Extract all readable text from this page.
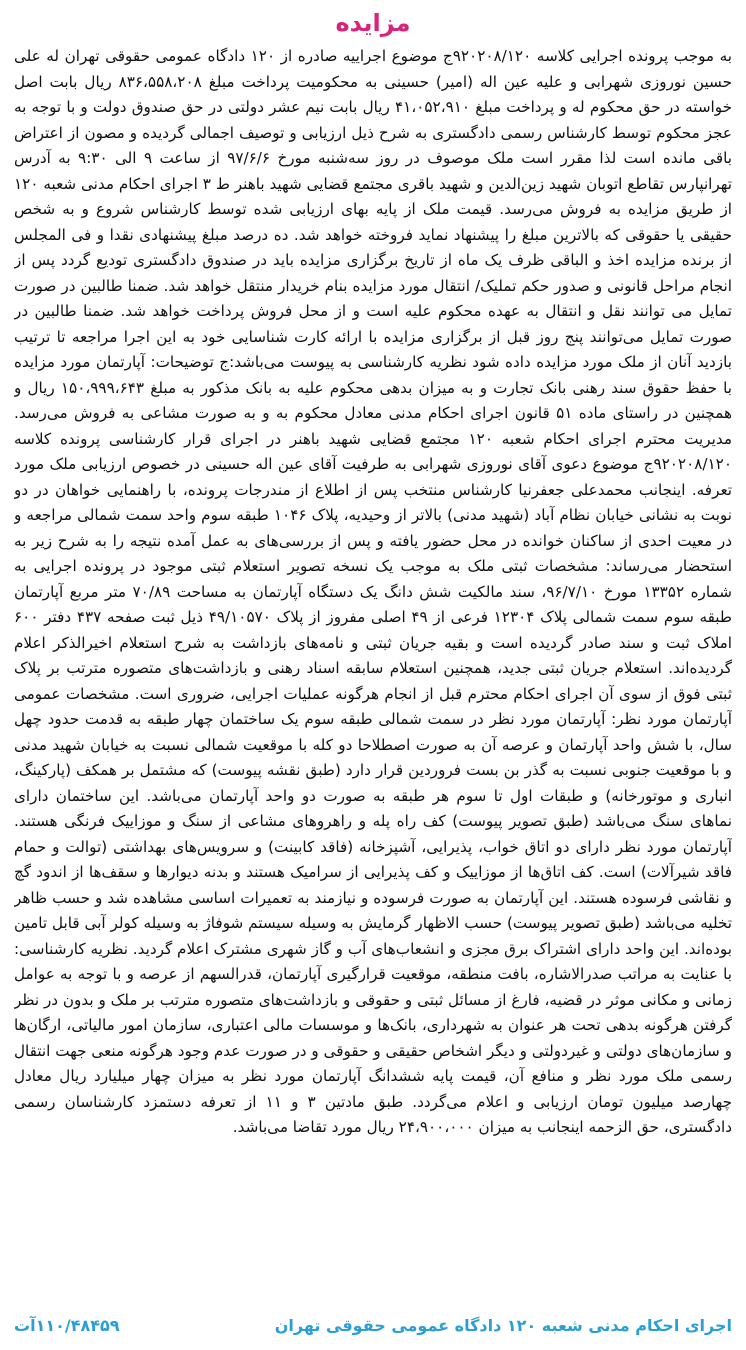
مزایده

به موجب پرونده اجرایی کلاسه ۹۲۰۲۰۸/۱۲۰ج موضوع اجراییه صادره از ۱۲۰ دادگاه عمومی حقوقی تهران له علی حسین نوروزی شهرابی و علیه عین اله (امیر) حسینی به محکومیت پرداخت مبلغ ۸۳۶،۵۵۸،۲۰۸ ریال بابت اصل خواسته در حق محکوم له و پرداخت مبلغ ۴۱،۰۵۲،۹۱۰ ریال بابت نیم عشر دولتی در حق صندوق دولت و با توجه به عجز محکوم توسط کارشناس رسمی دادگستری به شرح ذیل ارزیابی و توصیف اجمالی گردیده و مصون از اعتراض باقی مانده است لذا مقرر است ملک موصوف در روز سه‌شنبه مورخ ۹۷/۶/۶ از ساعت ۹ الی ۹:۳۰ به آدرس تهرانپارس تقاطع اتوبان شهید زین‌الدین و شهید باقری مجتمع قضایی شهید باهنر ط ۳ اجرای احکام مدنی شعبه ۱۲۰ از طریق مزایده به فروش می‌رسد. قیمت ملک از پایه بهای ارزیابی شده توسط کارشناس شروع و به شخص حقیقی یا حقوقی که بالاترین مبلغ را پیشنهاد نماید فروخته خواهد شد. ده درصد مبلغ پیشنهادی نقدا و فی المجلس از برنده مزایده اخذ و الباقی ظرف یک ماه از تاریخ برگزاری مزایده باید در صندوق دادگستری تودیع گردد پس از انجام مراحل قانونی و صدور حکم تملیک/ انتقال مورد مزایده بنام خریدار منتقل خواهد شد. ضمنا طالبین در صورت تمایل می توانند نقل و انتقال به عهده محکوم علیه است و از محل فروش پرداخت خواهد شد. ضمنا طالبین در صورت تمایل می‌توانند پنج روز قبل از برگزاری مزایده با ارائه کارت شناسایی خود به این اجرا مراجعه تا ترتیب بازدید آنان از ملک مورد مزایده داده شود نظریه کارشناسی به پیوست می‌باشد:ج توضیحات: آپارتمان مورد مزایده با حفظ حقوق سند رهنی بانک تجارت و به میزان بدهی محکوم علیه به بانک مذکور به مبلغ ۱۵۰،۹۹۹،۶۴۳ ریال و همچنین در راستای ماده ۵۱ قانون اجرای احکام مدنی معادل محکوم به و به صورت مشاعی به فروش می‌رسد. مدیریت محترم اجرای احکام شعبه ۱۲۰ مجتمع قضایی شهید باهنر در اجرای قرار کارشناسی پرونده کلاسه ۹۲۰۲۰۸/۱۲۰ج موضوع دعوی آقای نوروزی شهرابی به طرفیت آقای عین اله حسینی در خصوص ارزیابی ملک مورد تعرفه. اینجانب محمدعلی جعفرنیا کارشناس منتخب پس از اطلاع از مندرجات پرونده، با راهنمایی خواهان در دو نوبت به نشانی خیابان نظام آباد (شهید مدنی) بالاتر از وحیدیه، پلاک ۱۰۴۶ طبقه سوم واحد سمت شمالی مراجعه و در معیت احدی از ساکنان خوانده در محل حضور یافته و پس از بررسی‌های به عمل آمده نتیجه را به شرح زیر به استحضار می‌رساند: مشخصات ثبتی ملک به موجب یک نسخه تصویر استعلام ثبتی موجود در پرونده اجرایی به شماره ۱۳۳۵۲ مورخ ۹۶/۷/۱۰، سند مالکیت شش دانگ یک دستگاه آپارتمان به مساحت ۷۰/۸۹ متر مربع آپارتمان طبقه سوم سمت شمالی پلاک ۱۲۳۰۴ فرعی از ۴۹ اصلی مفروز از پلاک ۴۹/۱۰۵۷۰ ذیل ثبت صفحه ۴۳۷ دفتر ۶۰۰ املاک ثبت و سند صادر گردیده است و بقیه جریان ثبتی و نامه‌های بازداشت به شرح استعلام اخیرالذکر اعلام گردیده‌اند. استعلام جریان ثبتی جدید، همچنین استعلام سابقه اسناد رهنی و بازداشت‌های متصوره مترتب بر پلاک ثبتی فوق از سوی آن اجرای احکام محترم قبل از انجام هرگونه عملیات اجرایی، ضروری است. مشخصات عمومی آپارتمان مورد نظر: آپارتمان مورد نظر در سمت شمالی طبقه سوم یک ساختمان چهار طبقه به قدمت حدود چهل سال، با شش واحد آپارتمان و عرصه آن به صورت اصطلاحا دو کله با موقعیت شمالی نسبت به خیابان شهید مدنی و با موقعیت جنوبی نسبت به گذر بن بست فروردین قرار دارد (طبق نقشه پیوست) که مشتمل بر همکف (پارکینگ، انباری و موتورخانه) و طبقات اول تا سوم هر طبقه به صورت دو واحد آپارتمان می‌باشد. این ساختمان دارای نماهای سنگ می‌باشد (طبق تصویر پیوست) کف راه پله و راهروهای مشاعی از سنگ و موزاییک فرنگی هستند. آپارتمان مورد نظر دارای دو اتاق خواب، پذیرایی، آشپزخانه (فاقد کابینت) و سرویس‌های بهداشتی (توالت و حمام فاقد شیرآلات) است. کف اتاق‌ها از موزاییک و کف پذیرایی از سرامیک هستند و بدنه دیوارها و سقف‌ها از اندود گچ و نقاشی فرسوده هستند. این آپارتمان به صورت فرسوده و نیازمند به تعمیرات اساسی مشاهده شد و حسب ظاهر تخلیه می‌باشد (طبق تصویر پیوست) حسب الاظهار گرمایش به وسیله سیستم شوفاژ به وسیله کولر آبی قابل تامین بوده‌اند. این واحد دارای اشتراک برق مجزی و انشعاب‌های آب و گاز شهری مشترک اعلام گردید. نظریه کارشناسی: با عنایت به مراتب صدرالاشاره، بافت منطقه، موقعیت قرارگیری آپارتمان، قدرالسهم از عرصه و با توجه به عوامل زمانی و مکانی موثر در قضیه، فارغ از مسائل ثبتی و حقوقی و بازداشت‌های متصوره مترتب بر ملک و بدون در نظر گرفتن هرگونه بدهی تحت هر عنوان به شهرداری، بانک‌ها و موسسات مالی اعتباری، سازمان امور مالیاتی، ارگان‌ها و سازمان‌های دولتی و غیردولتی و دیگر اشخاص حقیقی و حقوقی و در صورت عدم وجود هرگونه منعی جهت انتقال رسمی ملک مورد نظر و منافع آن، قیمت پایه ششدانگ آپارتمان مورد نظر به میزان چهار میلیارد ریال معادل چهارصد میلیون تومان ارزیابی و اعلام می‌گردد. طبق مادتین ۳ و ۱۱ از تعرفه دستمزد کارشناسان رسمی دادگستری، حق الزحمه اینجانب به میزان ۲۴،۹۰۰،۰۰۰ ریال مورد تقاضا می‌باشد.

اجرای احکام مدنی شعبه ۱۲۰ دادگاه عمومی حقوقی تهران
۱۱۰/۴۸۴۵۹آت
